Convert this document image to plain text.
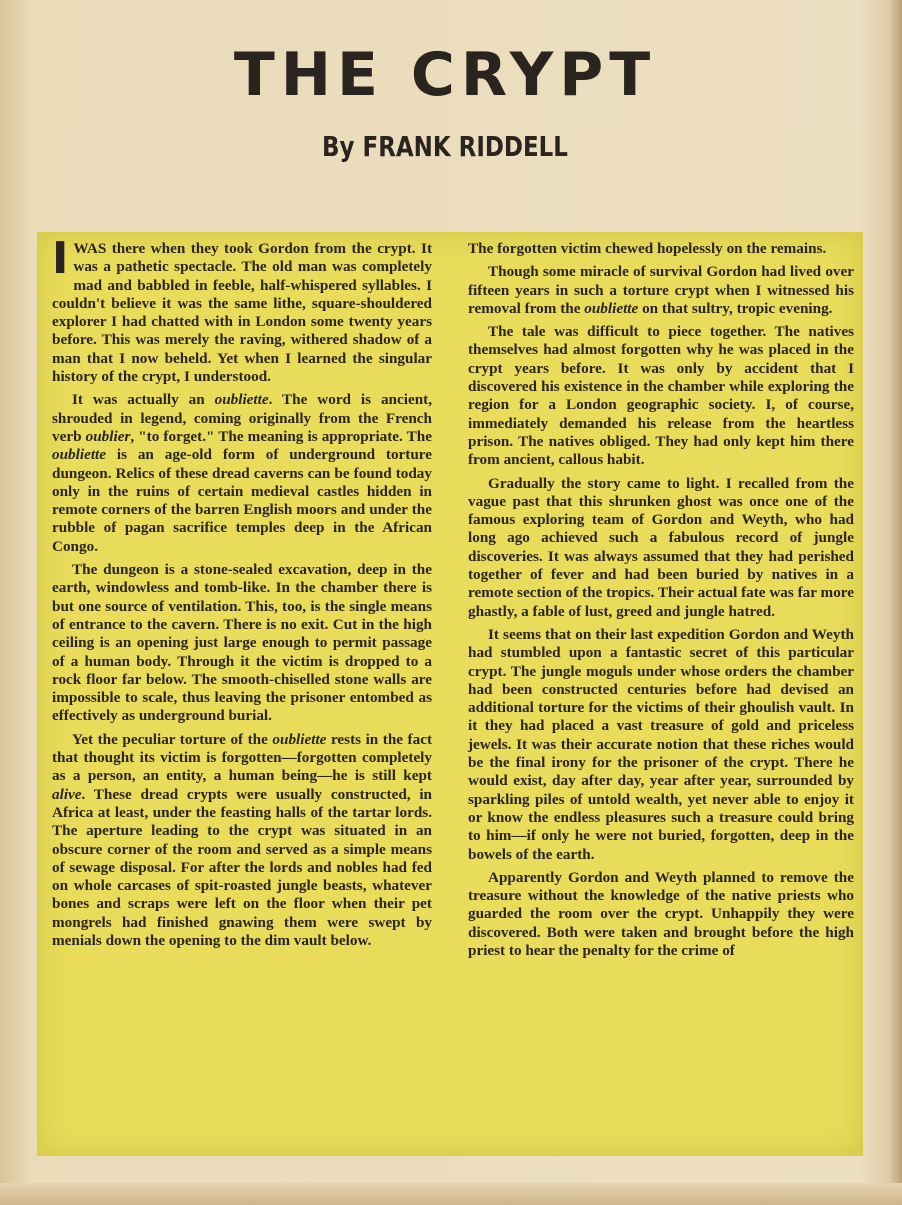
THE CRYPT
By FRANK RIDDELL

IWAS there when they took Gordon from the crypt. It was a pathetic spectacle. The old man was completely mad and babbled in feeble, half-whispered syllables. I couldn't believe it was the same lithe, square-shouldered explorer I had chatted with in London some twenty years before. This was merely the raving, withered shadow of a man that I now beheld. Yet when I learned the singular history of the crypt, I understood.

It was actually an oubliette. The word is ancient, shrouded in legend, coming originally from the French verb oublier, "to forget." The meaning is appropriate. The oubliette is an age-old form of underground torture dungeon. Relics of these dread caverns can be found today only in the ruins of certain medieval castles hidden in remote corners of the barren English moors and under the rubble of pagan sacrifice temples deep in the African Congo.

The dungeon is a stone-sealed excavation, deep in the earth, windowless and tomb-like. In the chamber there is but one source of ventilation. This, too, is the single means of entrance to the cavern. There is no exit. Cut in the high ceiling is an opening just large enough to permit passage of a human body. Through it the victim is dropped to a rock floor far below. The smooth-chiselled stone walls are impossible to scale, thus leaving the prisoner entombed as effectively as underground burial.

Yet the peculiar torture of the oubliette rests in the fact that thought its victim is forgotten—forgotten completely as a person, an entity, a human being—he is still kept alive. These dread crypts were usually constructed, in Africa at least, under the feasting halls of the tartar lords. The aperture leading to the crypt was situated in an obscure corner of the room and served as a simple means of sewage disposal. For after the lords and nobles had fed on whole carcases of spit-roasted jungle beasts, whatever bones and scraps were left on the floor when their pet mongrels had finished gnawing them were swept by menials down the opening to the dim vault below.

The forgotten victim chewed hopelessly on the remains.

Though some miracle of survival Gordon had lived over fifteen years in such a torture crypt when I witnessed his removal from the oubliette on that sultry, tropic evening.

The tale was difficult to piece together. The natives themselves had almost forgotten why he was placed in the crypt years before. It was only by accident that I discovered his existence in the chamber while exploring the region for a London geographic society. I, of course, immediately demanded his release from the heartless prison. The natives obliged. They had only kept him there from ancient, callous habit.

Gradually the story came to light. I recalled from the vague past that this shrunken ghost was once one of the famous exploring team of Gordon and Weyth, who had long ago achieved such a fabulous record of jungle discoveries. It was always assumed that they had perished together of fever and had been buried by natives in a remote section of the tropics. Their actual fate was far more ghastly, a fable of lust, greed and jungle hatred.

It seems that on their last expedition Gordon and Weyth had stumbled upon a fantastic secret of this particular crypt. The jungle moguls under whose orders the chamber had been constructed centuries before had devised an additional torture for the victims of their ghoulish vault. In it they had placed a vast treasure of gold and priceless jewels. It was their accurate notion that these riches would be the final irony for the prisoner of the crypt. There he would exist, day after day, year after year, surrounded by sparkling piles of untold wealth, yet never able to enjoy it or know the endless pleasures such a treasure could bring to him—if only he were not buried, forgotten, deep in the bowels of the earth.

Apparently Gordon and Weyth planned to remove the treasure without the knowledge of the native priests who guarded the room over the crypt. Unhappily they were discovered. Both were taken and brought before the high priest to hear the penalty for the crime of
